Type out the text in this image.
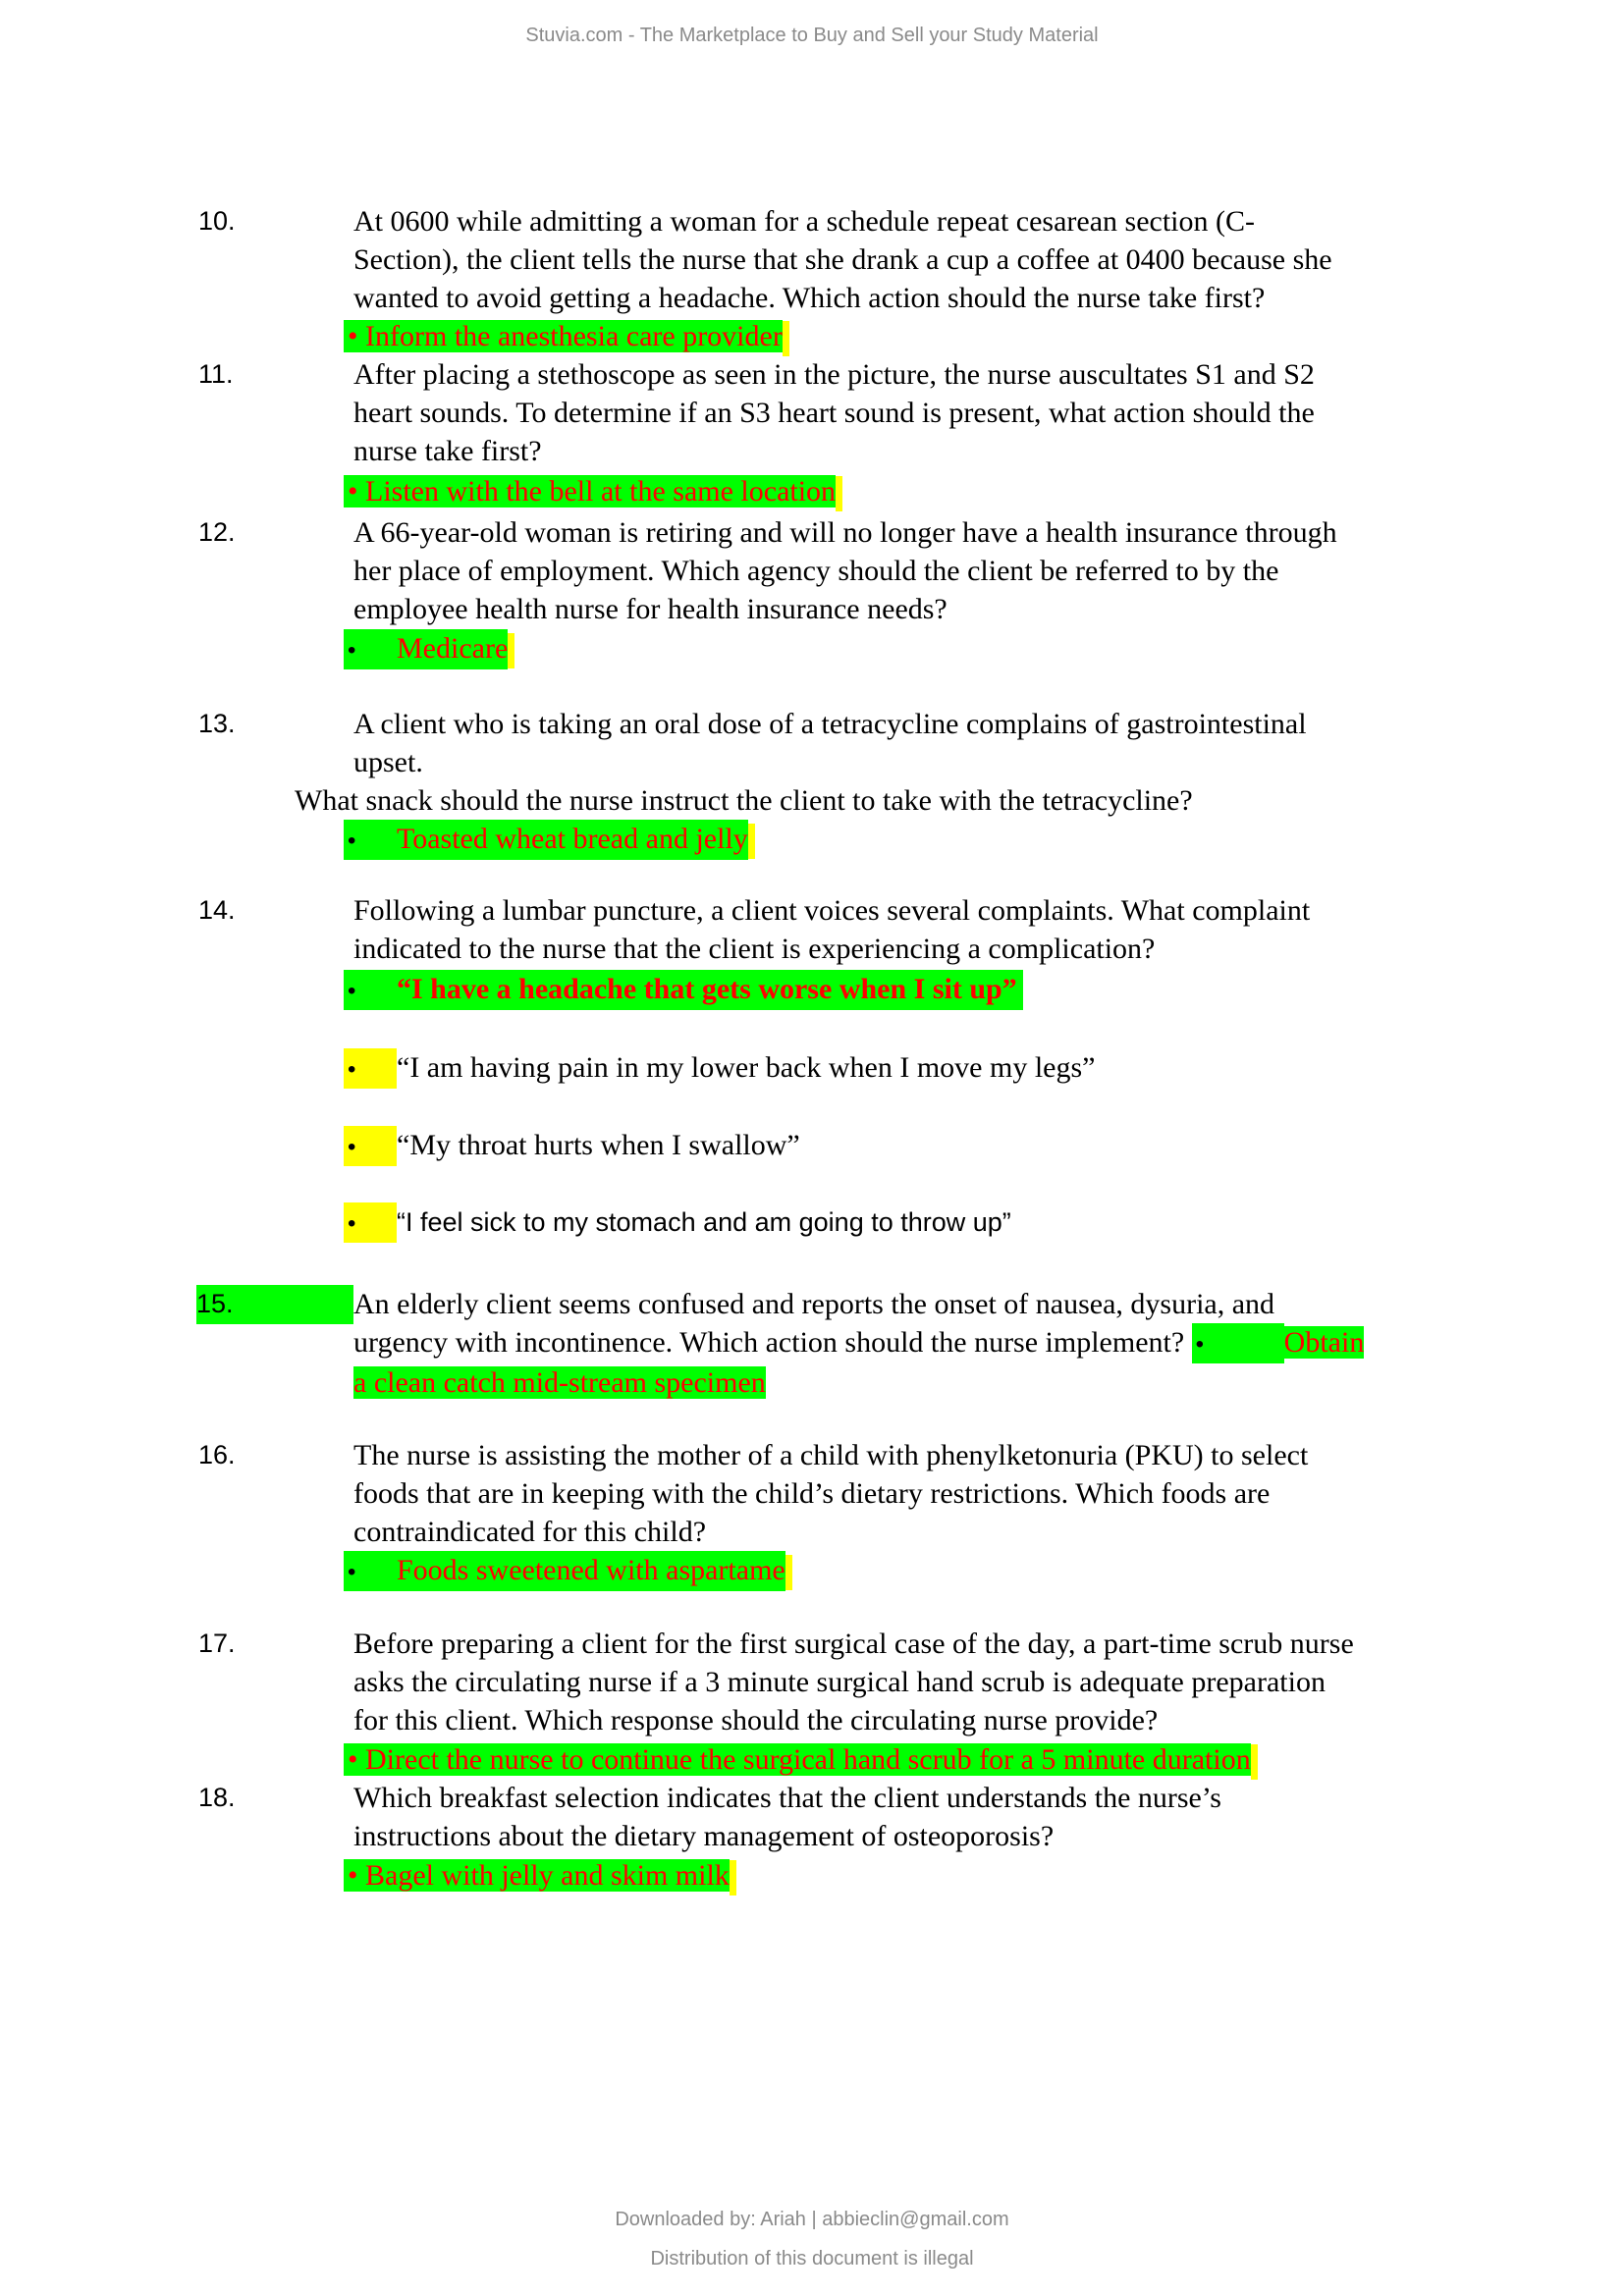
Stuvia.com - The Marketplace to Buy and Sell your Study Material
10.	At 0600 while admitting a woman for a schedule repeat cesarean section (C-
Section), the client tells the nurse that she drank a cup a coffee at 0400 because she
wanted to avoid getting a headache. Which action should the nurse take first?
• Inform the anesthesia care provider
11.	After placing a stethoscope as seen in the picture, the nurse auscultates S1 and S2
heart sounds. To determine if an S3 heart sound is present, what action should the
nurse take first?
• Listen with the bell at the same location
12.	A 66-year-old woman is retiring and will no longer have a health insurance through
her place of employment. Which agency should the client be referred to by the
employee health nurse for health insurance needs?
• Medicare
13.	A client who is taking an oral dose of a tetracycline complains of gastrointestinal
upset.
What snack should the nurse instruct the client to take with the tetracycline?
• Toasted wheat bread and jelly
14.	Following a lumbar puncture, a client voices several complaints. What complaint
indicated to the nurse that the client is experiencing a complication?
• “I have a headache that gets worse when I sit up”
• “I am having pain in my lower back when I move my legs”
• “My throat hurts when I swallow”
• “I feel sick to my stomach and am going to throw up”
15.	An elderly client seems confused and reports the onset of nausea, dysuria, and
urgency with incontinence. Which action should the nurse implement? •	Obtain
a clean catch mid-stream specimen
16.	The nurse is assisting the mother of a child with phenylketonuria (PKU) to select
foods that are in keeping with the child’s dietary restrictions. Which foods are
contraindicated for this child?
• Foods sweetened with aspartame
17.	Before preparing a client for the first surgical case of the day, a part-time scrub nurse
asks the circulating nurse if a 3 minute surgical hand scrub is adequate preparation
for this client. Which response should the circulating nurse provide?
• Direct the nurse to continue the surgical hand scrub for a 5 minute duration
18.	Which breakfast selection indicates that the client understands the nurse’s
instructions about the dietary management of osteoporosis?
• Bagel with jelly and skim milk
Downloaded by: Ariah | abbieclin@gmail.com
Distribution of this document is illegal
